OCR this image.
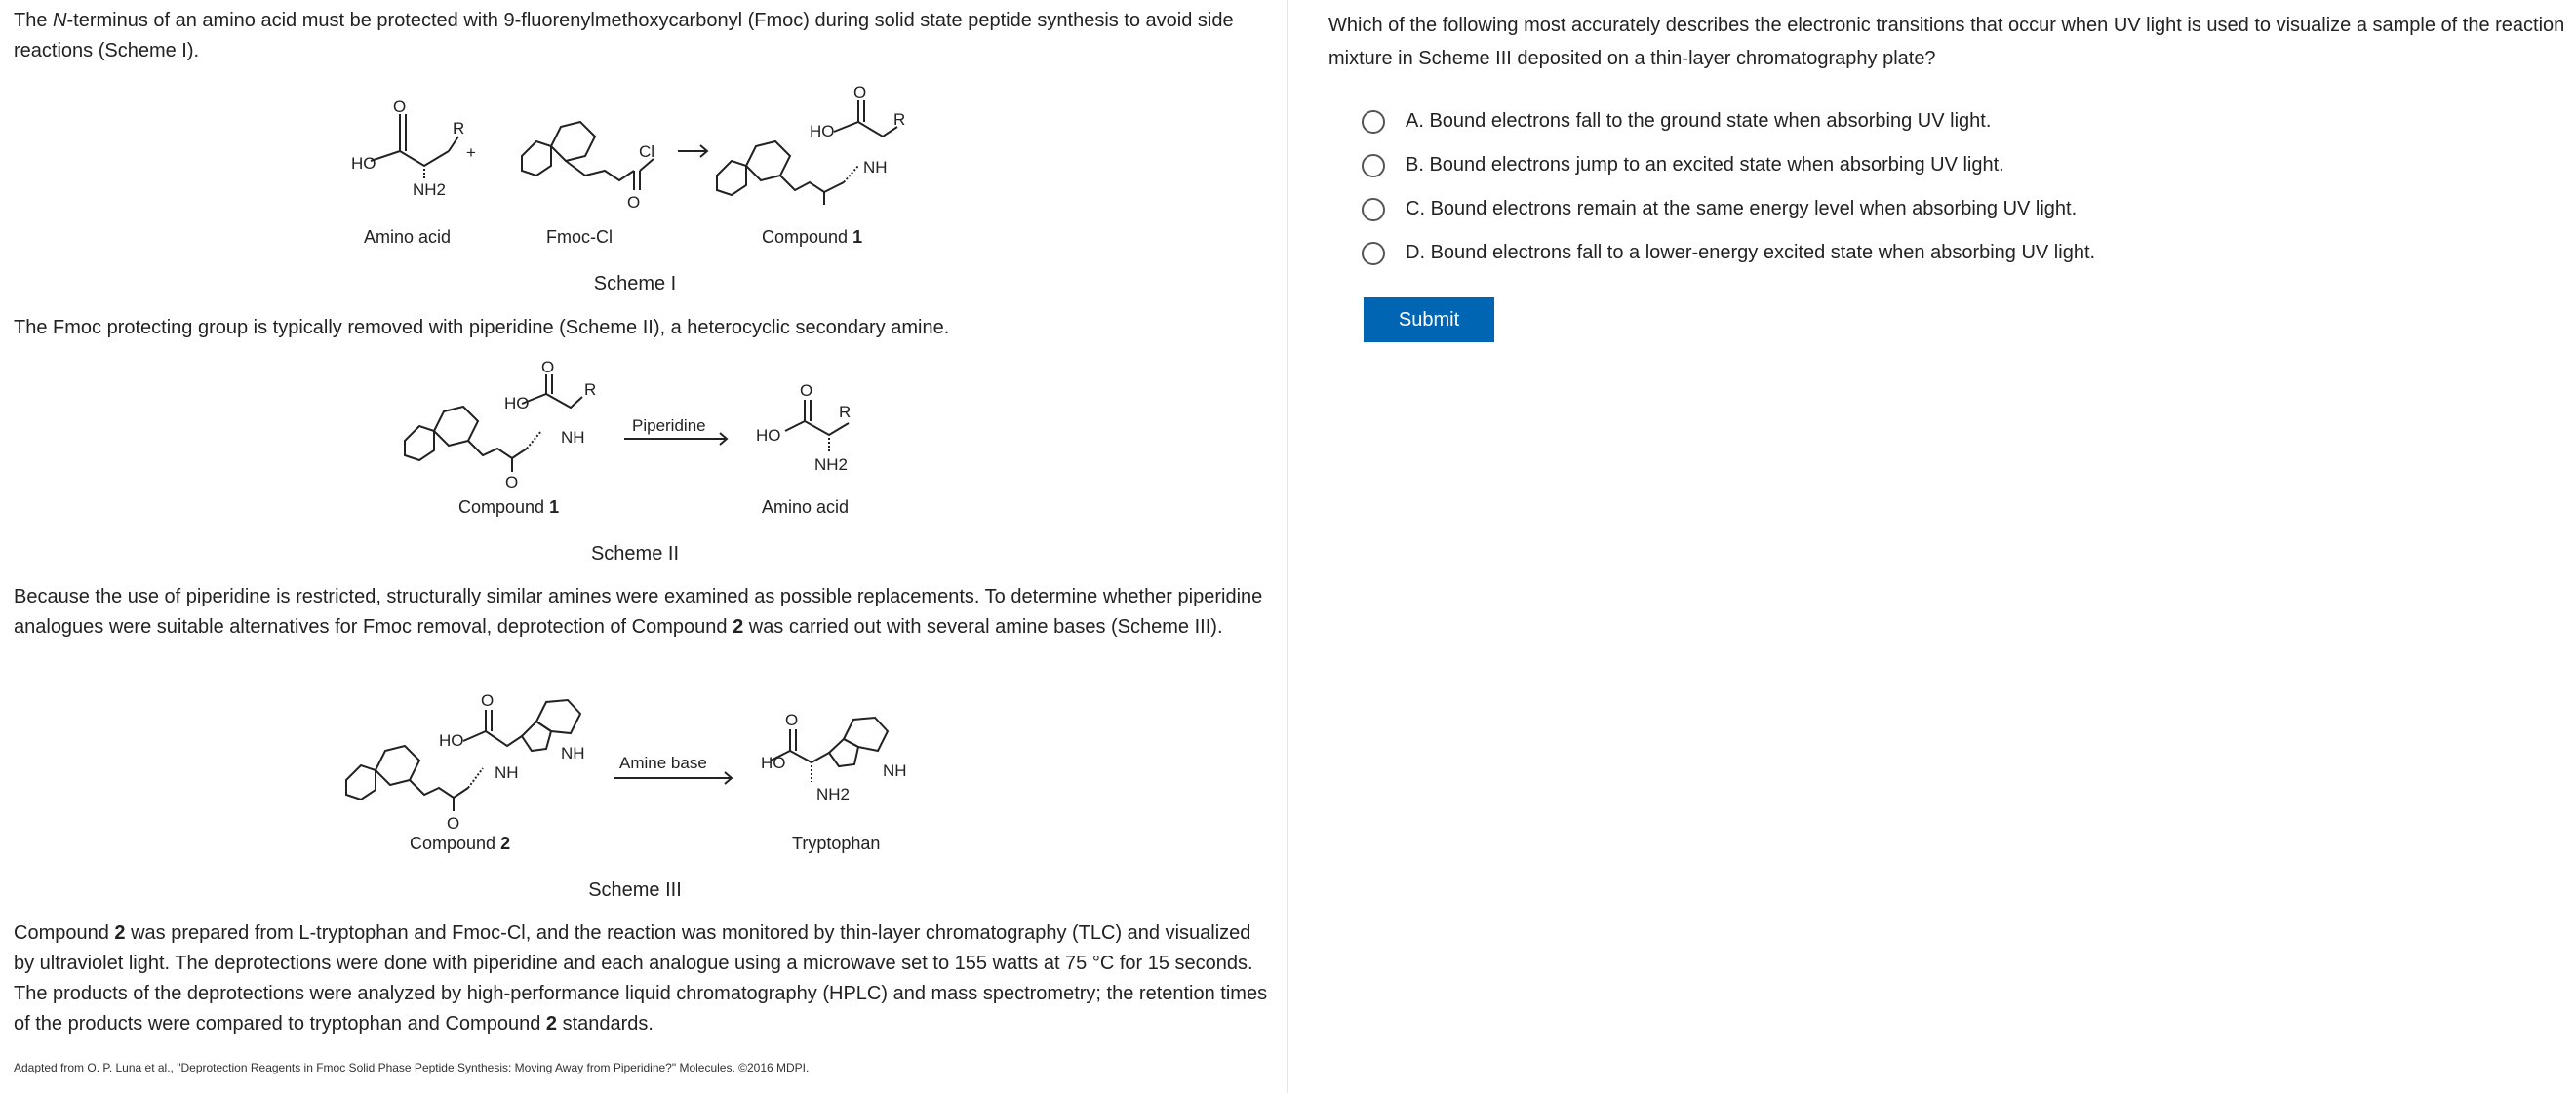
The N-terminus of an amino acid must be protected with 9-fluorenylmethoxycarbonyl (Fmoc) during solid state peptide synthesis to avoid side reactions (Scheme I).

HO
O
R
NH2
+
O
Cl
HO
O
R
NH
Amino acid	Fmoc-Cl	Compound 1
Scheme I

The Fmoc protecting group is typically removed with piperidine (Scheme II), a heterocyclic secondary amine.

HO
O
R
NH
O
Piperidine
HO
O
R
NH2
Compound 1	Amino acid
Scheme II

Because the use of piperidine is restricted, structurally similar amines were examined as possible replacements. To determine whether piperidine analogues were suitable alternatives for Fmoc removal, deprotection of Compound 2 was carried out with several amine bases (Scheme III).

HO
O
NH
NH
O
Amine base	HO
O
NH2
NH
Compound 2	Tryptophan
Scheme III

Compound 2 was prepared from L-tryptophan and Fmoc-Cl, and the reaction was monitored by thin-layer chromatography (TLC) and visualized by ultraviolet light. The deprotections were done with piperidine and each analogue using a microwave set to 155 watts at 75 °C for 15 seconds. The products of the deprotections were analyzed by high-performance liquid chromatography (HPLC) and mass spectrometry; the retention times of the products were compared to tryptophan and Compound 2 standards.

Adapted from O. P. Luna et al., "Deprotection Reagents in Fmoc Solid Phase Peptide Synthesis: Moving Away from Piperidine?" Molecules. ©2016 MDPI.

Which of the following most accurately describes the electronic transitions that occur when UV light is used to visualize a sample of the reaction mixture in Scheme III deposited on a thin-layer chromatography plate?

A. Bound electrons fall to the ground state when absorbing UV light.
B. Bound electrons jump to an excited state when absorbing UV light.
C. Bound electrons remain at the same energy level when absorbing UV light.
D. Bound electrons fall to a lower-energy excited state when absorbing UV light.
Submit
